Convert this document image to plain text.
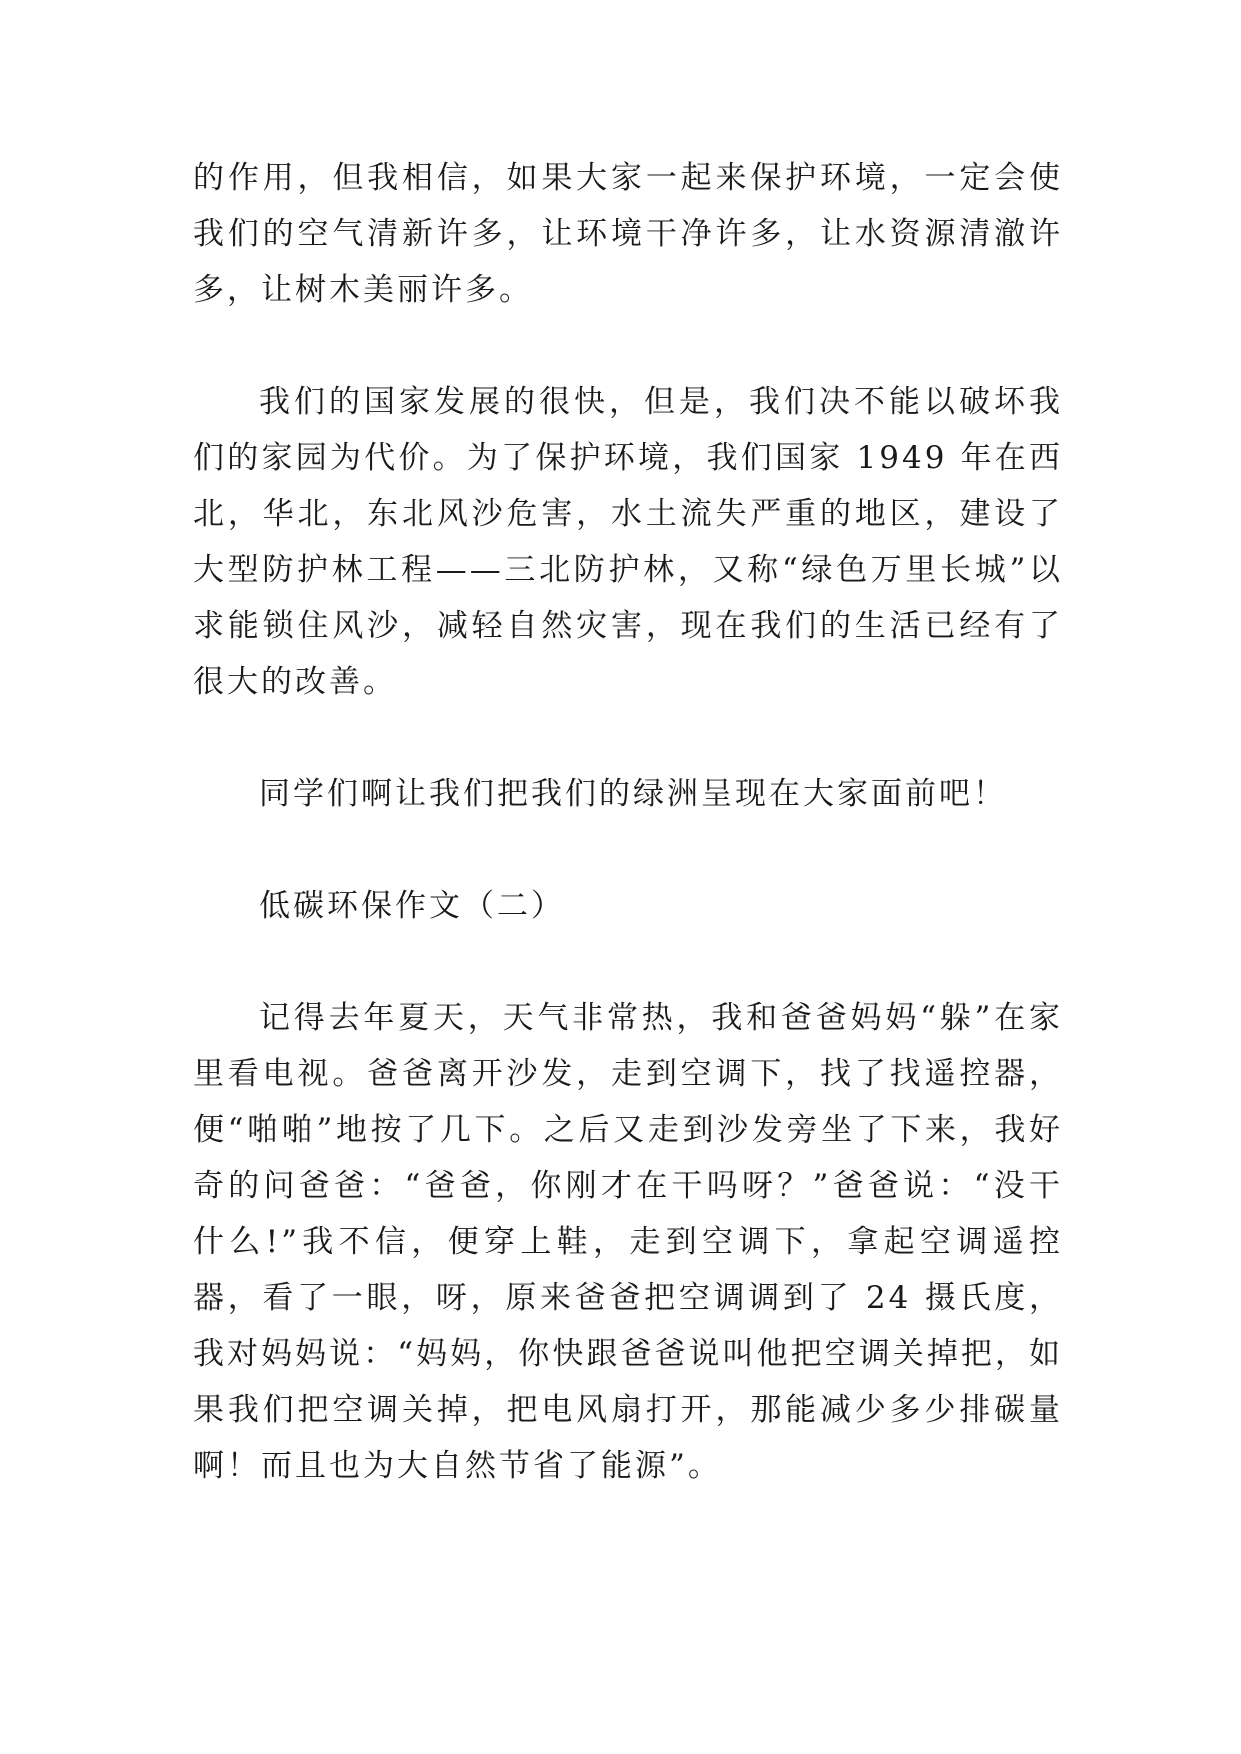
的作用，但我相信，如果大家一起来保护环境，一定会使我们的空气清新许多，让环境干净许多，让水资源清澈许多，让树木美丽许多。

我们的国家发展的很快，但是，我们决不能以破坏我们的家园为代价。为了保护环境，我们国家 1949 年在西北，华北，东北风沙危害，水土流失严重的地区，建设了大型防护林工程——三北防护林，又称“绿色万里长城”以求能锁住风沙，减轻自然灾害，现在我们的生活已经有了很大的改善。

同学们啊让我们把我们的绿洲呈现在大家面前吧！

低碳环保作文（二）

记得去年夏天，天气非常热，我和爸爸妈妈“躲”在家里看电视。爸爸离开沙发，走到空调下，找了找遥控器，便“啪啪”地按了几下。之后又走到沙发旁坐了下来，我好奇的问爸爸：“爸爸，你刚才在干吗呀？”爸爸说：“没干什么!”我不信，便穿上鞋，走到空调下，拿起空调遥控器，看了一眼，呀，原来爸爸把空调调到了 24 摄氏度，我对妈妈说：“妈妈，你快跟爸爸说叫他把空调关掉把，如果我们把空调关掉，把电风扇打开，那能减少多少排碳量啊！而且也为大自然节省了能源”。
